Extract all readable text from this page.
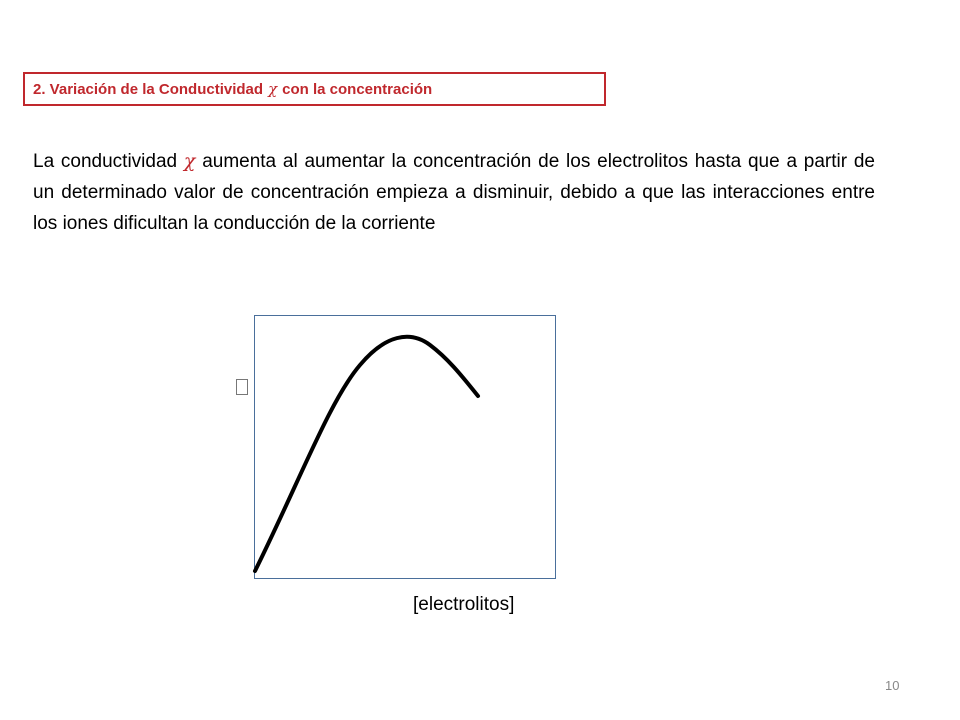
2. Variación de la Conductividad χ con la concentración
La conductividad χ aumenta al aumentar la concentración de los electrolitos hasta que a partir de un determinado valor de concentración empieza a disminuir, debido a que las interacciones entre los iones dificultan la conducción de la corriente
[electrolitos]
10
